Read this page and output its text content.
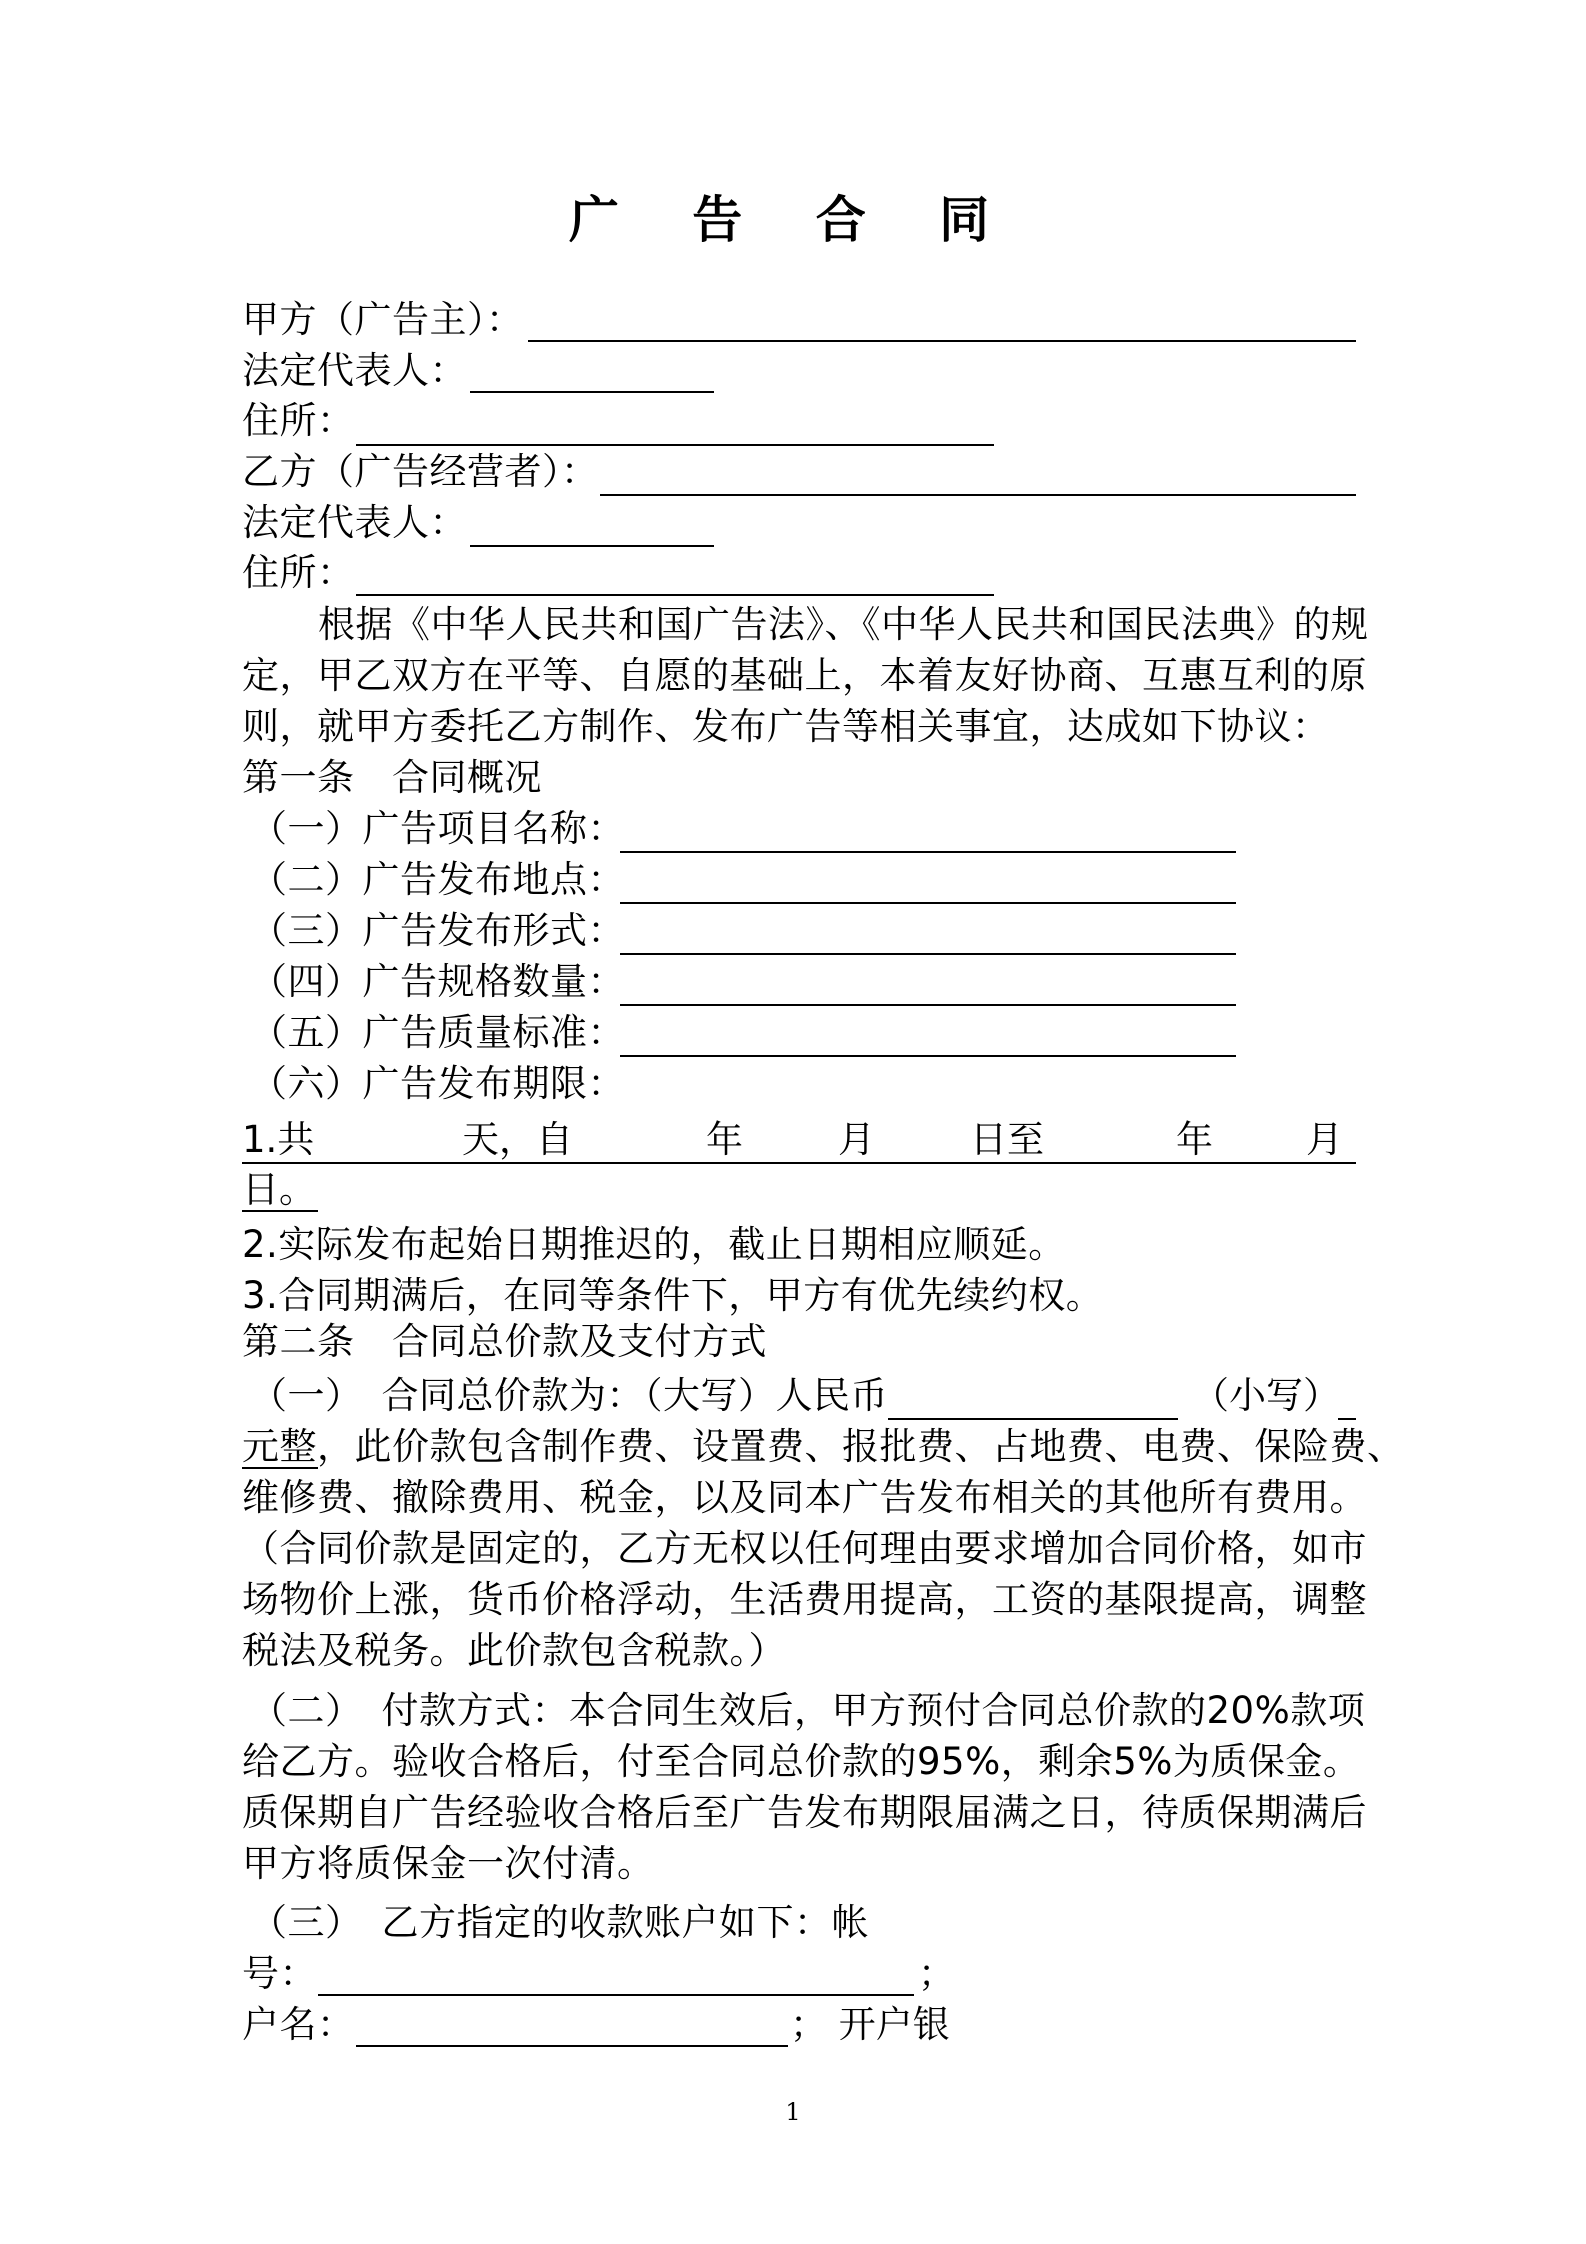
广 告 合 同
甲方（广告主）：
法定代表人：
住所：
乙方（广告经营者）：
法定代表人：
住所：
根据《中华人民共和国广告法》、《中华人民共和国民法典》的规
定，甲乙双方在平等、自愿的基础上，本着友好协商、互惠互利的原
则，就甲方委托乙方制作、发布广告等相关事宜，达成如下协议：
第一条　合同概况
（一）广告项目名称：
（二）广告发布地点：
（三）广告发布形式：
（四）广告规格数量：
（五）广告质量标准：
（六）广告发布期限：
1.共	天，自	年	月	日至	年	月
日。
2.实际发布起始日期推迟的，截止日期相应顺延。
3.合同期满后，在同等条件下，甲方有优先续约权。
第二条　合同总价款及支付方式
（一）　合同总价款为：（大写）人民币	（小写）
元整，此价款包含制作费、设置费、报批费、占地费、电费、保险费、
维修费、撤除费用、税金，以及同本广告发布相关的其他所有费用。
（合同价款是固定的，乙方无权以任何理由要求增加合同价格，如市
场物价上涨，货币价格浮动，生活费用提高，工资的基限提高，调整
税法及税务。此价款包含税款。）
（二）　付款方式：本合同生效后，甲方预付合同总价款的20%款项
给乙方。验收合格后，付至合同总价款的95%，剩余5%为质保金。
质保期自广告经验收合格后至广告发布期限届满之日，待质保期满后
甲方将质保金一次付清。
（三）　乙方指定的收款账户如下：帐
号：	；
户名：	； 开户银
1
